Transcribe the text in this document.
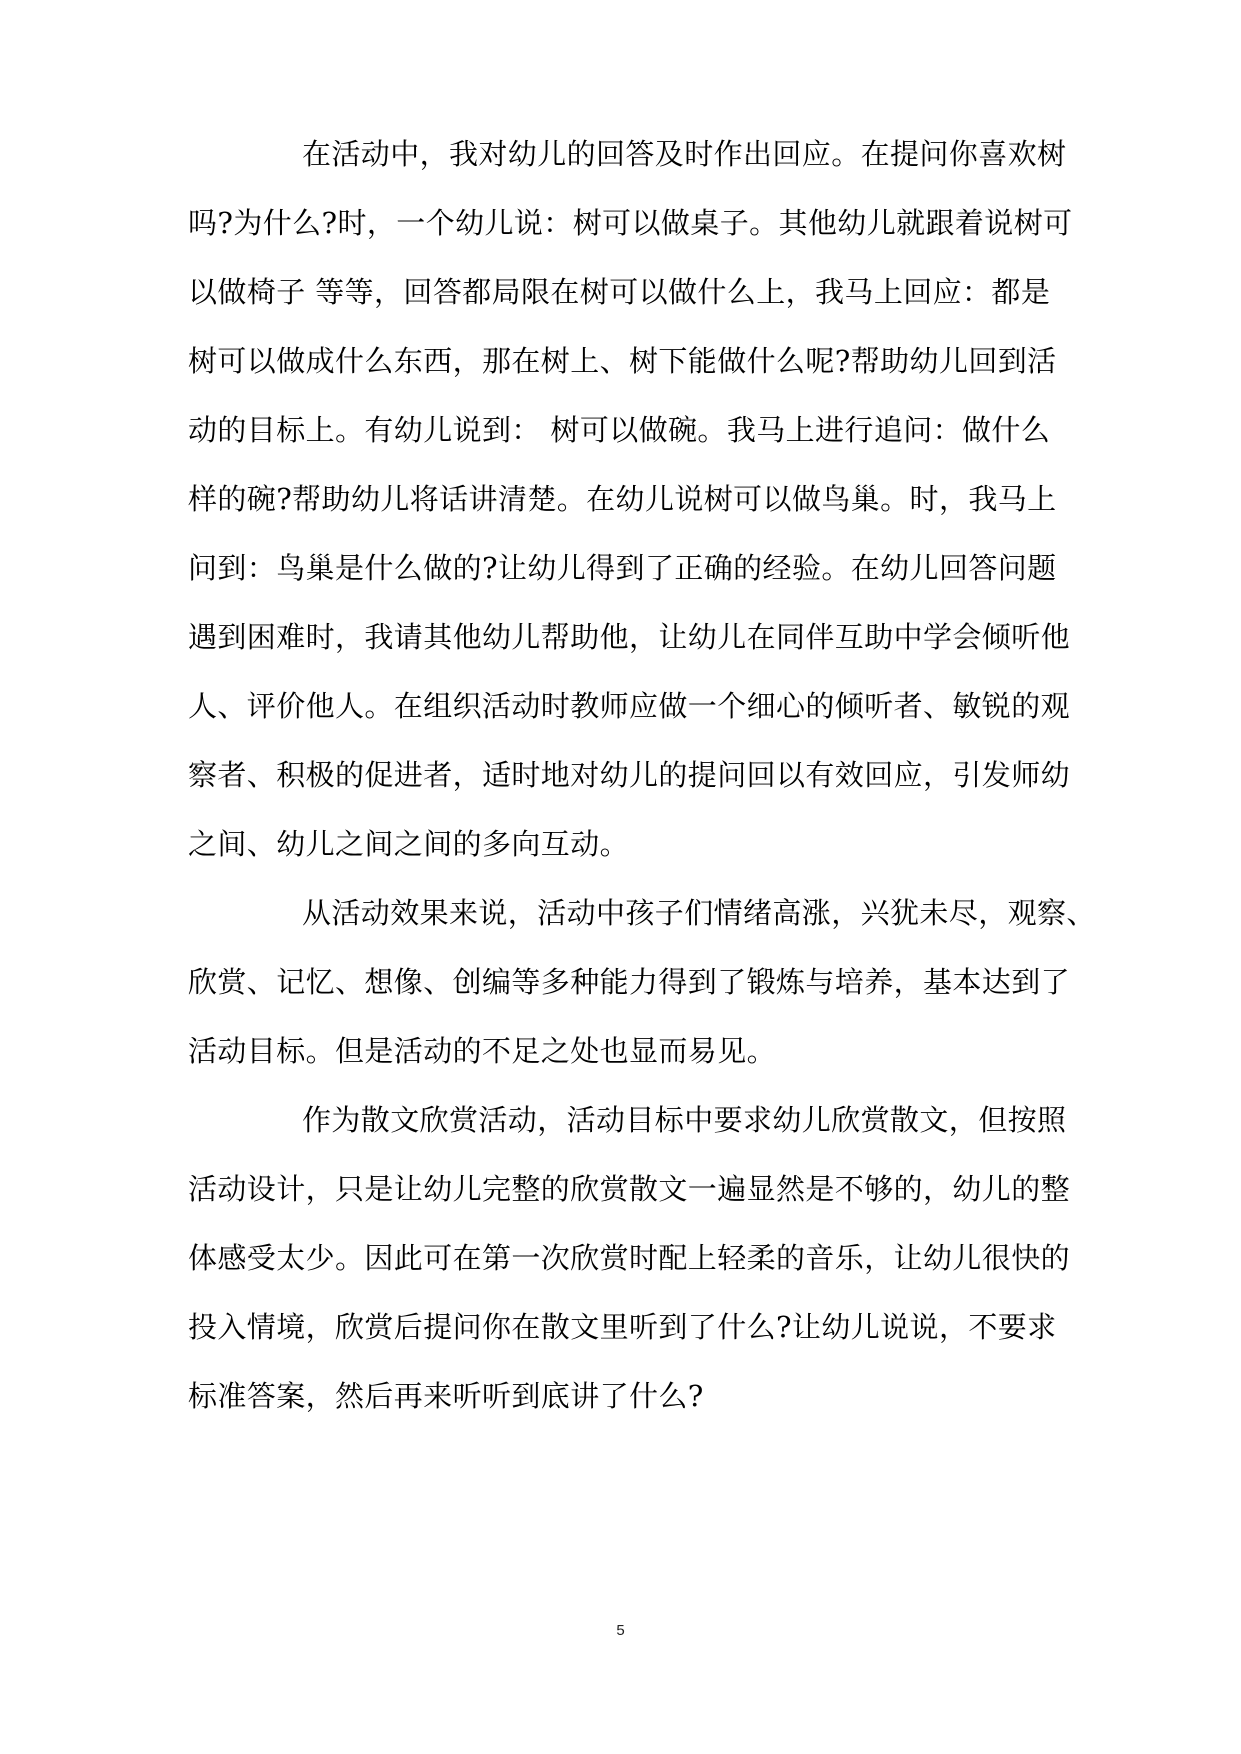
在活动中，我对幼儿的回答及时作出回应。在提问你喜欢树
吗?为什么?时，一个幼儿说：树可以做桌子。其他幼儿就跟着说树可
以做椅子 等等，回答都局限在树可以做什么上，我马上回应：都是
树可以做成什么东西，那在树上、树下能做什么呢?帮助幼儿回到活
动的目标上。有幼儿说到： 树可以做碗。我马上进行追问：做什么
样的碗?帮助幼儿将话讲清楚。在幼儿说树可以做鸟巢。时，我马上
问到：鸟巢是什么做的?让幼儿得到了正确的经验。在幼儿回答问题
遇到困难时，我请其他幼儿帮助他，让幼儿在同伴互助中学会倾听他
人、评价他人。在组织活动时教师应做一个细心的倾听者、敏锐的观
察者、积极的促进者，适时地对幼儿的提问回以有效回应，引发师幼
之间、幼儿之间之间的多向互动。
从活动效果来说，活动中孩子们情绪高涨，兴犹未尽，观察、
欣赏、记忆、想像、创编等多种能力得到了锻炼与培养，基本达到了
活动目标。但是活动的不足之处也显而易见。
作为散文欣赏活动，活动目标中要求幼儿欣赏散文，但按照
活动设计，只是让幼儿完整的欣赏散文一遍显然是不够的，幼儿的整
体感受太少。因此可在第一次欣赏时配上轻柔的音乐，让幼儿很快的
投入情境，欣赏后提问你在散文里听到了什么?让幼儿说说，不要求
标准答案，然后再来听听到底讲了什么?
5
